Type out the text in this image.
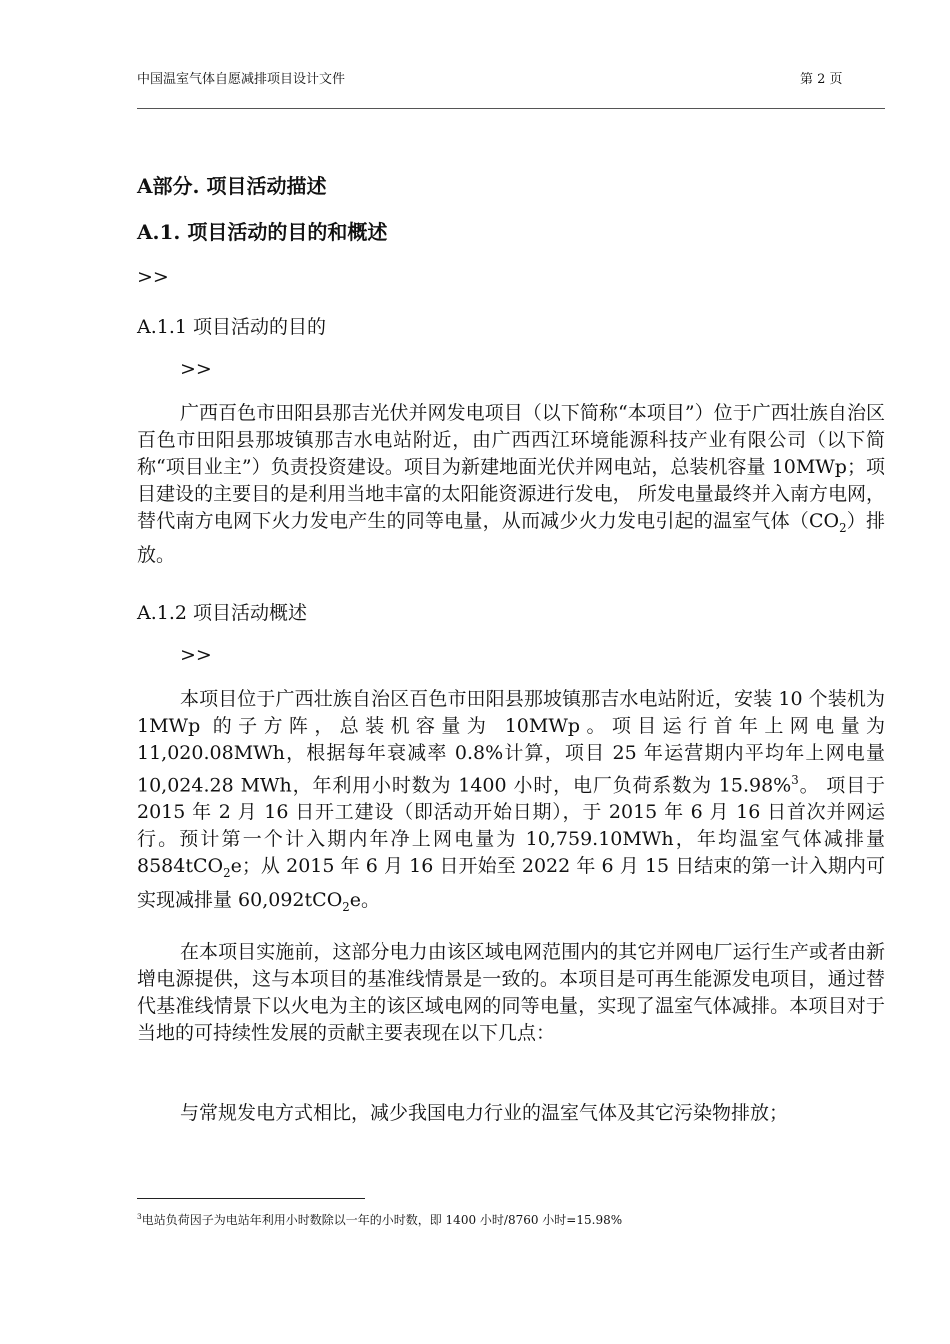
中国温室气体自愿减排项目设计文件	第 2 页
A部分. 项目活动描述
A.1. 项目活动的目的和概述
>>
A.1.1 项目活动的目的
>>

广西百色市田阳县那吉光伏并网发电项目（以下简称“本项目”）位于广西壮族自治区百色市田阳县那坡镇那吉水电站附近，由广西西江环境能源科技产业有限公司（以下简称“项目业主”）负责投资建设。项目为新建地面光伏并网电站，总装机容量 10MWp；项目建设的主要目的是利用当地丰富的太阳能资源进行发电， 所发电量最终并入南方电网，替代南方电网下火力发电产生的同等电量，从而减少火力发电引起的温室气体$(CO_2)$排放。

A.1.2 项目活动概述
>>

本项目位于广西壮族自治区百色市田阳县那坡镇那吉水电站附近，安装 10 个装机为 1MWp 的子方阵，总装机容量为 10MWp。项目运行首年上网电量为 11,020.08MWh，根据每年衰减率 0.8%计算，项目 25 年运营期内平均年上网电量 10,024.28 MWh，年利用小时数为 1400 小时，电厂负荷系数为 15.98%$^3$。 项目于 2015 年 2 月 16 日开工建设（即活动开始日期），于 2015 年 6 月 16 日首次并网运行。预计第一个计入期内年净上网电量为 10,759.10MWh，年均温室气体减排量 8584tCO$_2$e；从 2015 年 6 月 16 日开始至 2022 年 6 月 15 日结束的第一计入期内可实现减排量 60,092tCO$_2$e。

在本项目实施前，这部分电力由该区域电网范围内的其它并网电厂运行生产或者由新增电源提供，这与本项目的基准线情景是一致的。本项目是可再生能源发电项目，通过替代基准线情景下以火电为主的该区域电网的同等电量，实现了温室气体减排。本项目对于当地的可持续性发展的贡献主要表现在以下几点：

与常规发电方式相比，减少我国电力行业的温室气体及其它污染物排放；

$^3$电站负荷因子为电站年利用小时数除以一年的小时数，即 1400 小时/8760 小时=15.98%
